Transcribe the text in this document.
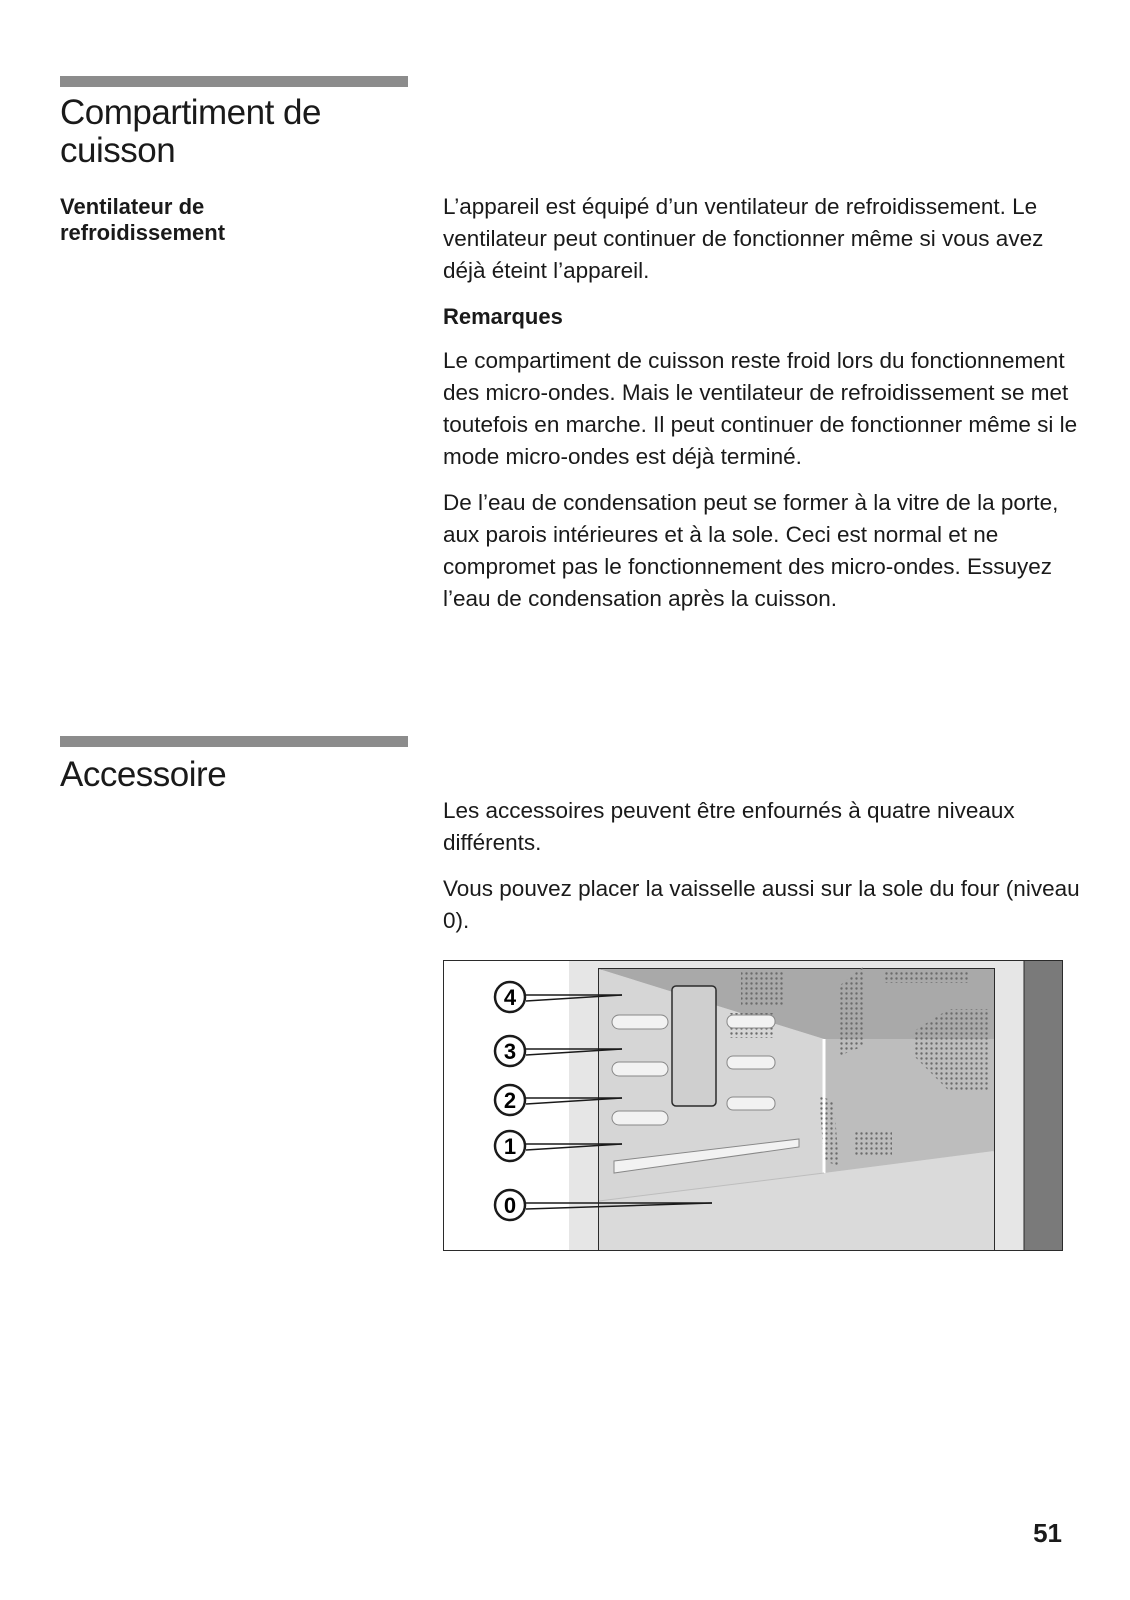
Compartiment de
cuisson
Ventilateur de
refroidissement

L’appareil est équipé d’un ventilateur de refroidissement. Le ventilateur peut continuer de fonctionner même si vous avez déjà éteint l’appareil.

Remarques

Le compartiment de cuisson reste froid lors du fonctionnement des micro-ondes. Mais le ventilateur de refroidissement se met toutefois en marche. Il peut continuer de fonctionner même si le mode micro-ondes est déjà terminé.

De l’eau de condensation peut se former à la vitre de la porte, aux parois intérieures et à la sole. Ceci est normal et ne compromet pas le fonctionnement des micro-ondes. Essuyez l’eau de condensation après la cuisson.

Accessoire

Les accessoires peuvent être enfournés à quatre niveaux différents.

Vous pouvez placer la vaisselle aussi sur la sole du four (niveau 0).

4
3
2
1
0
51
